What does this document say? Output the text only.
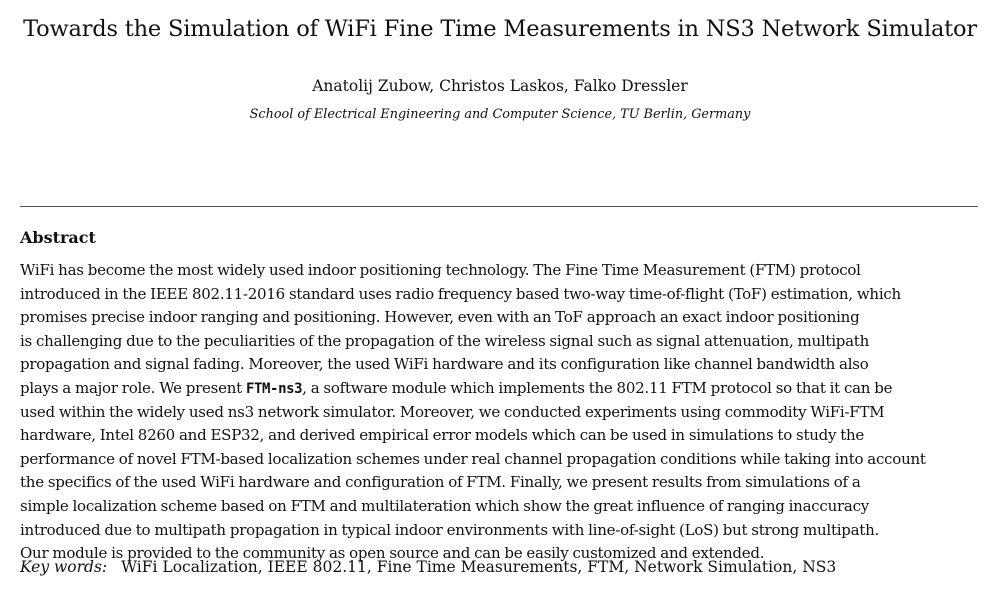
Towards the Simulation of WiFi Fine Time Measurements in NS3 Network Simulator
Anatolij Zubow, Christos Laskos, Falko Dressler
School of Electrical Engineering and Computer Science, TU Berlin, Germany
Abstract
WiFi has become the most widely used indoor positioning technology. The Fine Time Measurement (FTM) protocol
introduced in the IEEE 802.11-2016 standard uses radio frequency based two-way time-of-flight (ToF) estimation, which
promises precise indoor ranging and positioning. However, even with an ToF approach an exact indoor positioning
is challenging due to the peculiarities of the propagation of the wireless signal such as signal attenuation, multipath
propagation and signal fading. Moreover, the used WiFi hardware and its configuration like channel bandwidth also
plays a major role. We present FTM-ns3, a software module which implements the 802.11 FTM protocol so that it can be
used within the widely used ns3 network simulator. Moreover, we conducted experiments using commodity WiFi-FTM
hardware, Intel 8260 and ESP32, and derived empirical error models which can be used in simulations to study the
performance of novel FTM-based localization schemes under real channel propagation conditions while taking into account
the specifics of the used WiFi hardware and configuration of FTM. Finally, we present results from simulations of a
simple localization scheme based on FTM and multilateration which show the great influence of ranging inaccuracy
introduced due to multipath propagation in typical indoor environments with line-of-sight (LoS) but strong multipath.
Our module is provided to the community as open source and can be easily customized and extended.
Key words: WiFi Localization, IEEE 802.11, Fine Time Measurements, FTM, Network Simulation, NS3
